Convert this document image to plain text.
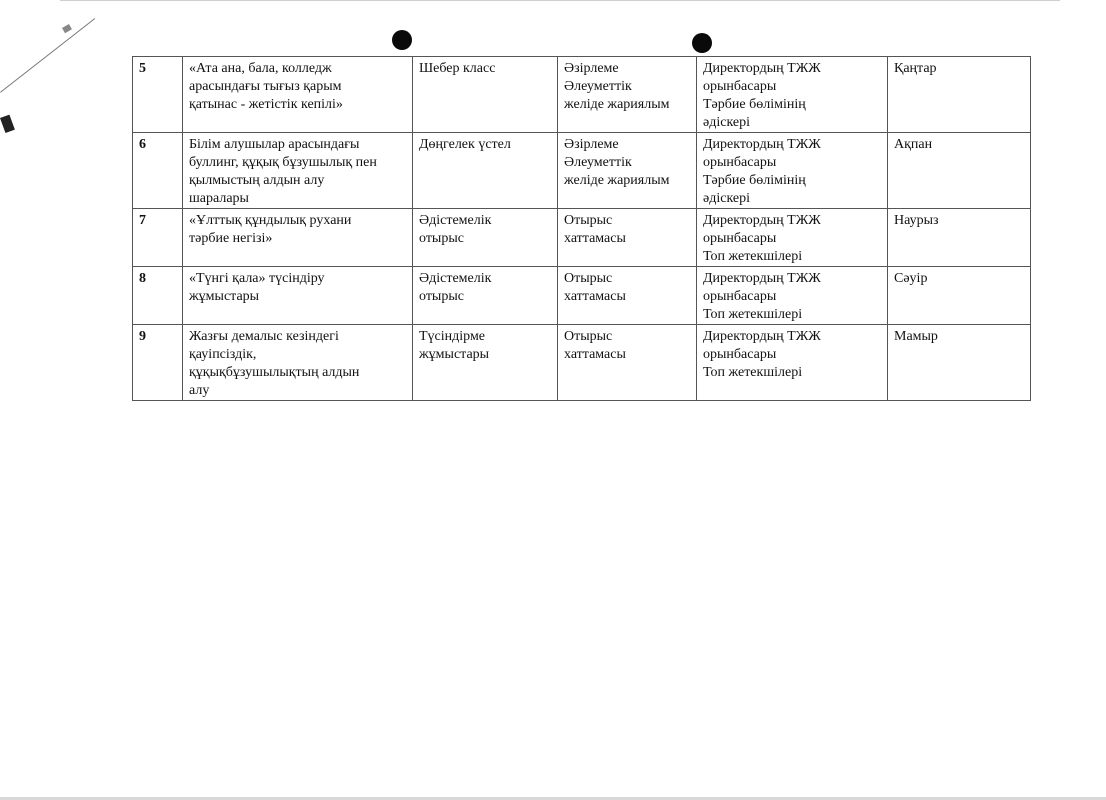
5	«Ата ана, бала, колледж
арасындағы тығыз қарым
қатынас - жетістік кепілі»	Шебер класс	Әзірлеме
Әлеуметтік
желіде жариялым	Директордың ТЖЖ
орынбасары
Тәрбие бөлімінің
әдіскері	Қаңтар
6	Білім алушылар арасындағы
буллинг, құқық бұзушылық пен
қылмыстың алдын алу
шаралары	Дөңгелек үстел	Әзірлеме
Әлеуметтік
желіде жариялым	Директордың ТЖЖ
орынбасары
Тәрбие бөлімінің
әдіскері	Ақпан
7	«Ұлттық құндылық рухани
тәрбие негізі»	Әдістемелік
отырыс	Отырыс
хаттамасы	Директордың ТЖЖ
орынбасары
Топ жетекшілері	Наурыз
8	«Түнгі қала» түсіндіру
жұмыстары	Әдістемелік
отырыс	Отырыс
хаттамасы	Директордың ТЖЖ
орынбасары
Топ жетекшілері	Сәуір
9	Жазғы демалыс кезіндегі
қауіпсіздік,
құқықбұзушылықтың алдын
алу	Түсіндірме
жұмыстары	Отырыс
хаттамасы	Директордың ТЖЖ
орынбасары
Топ жетекшілері	Мамыр
